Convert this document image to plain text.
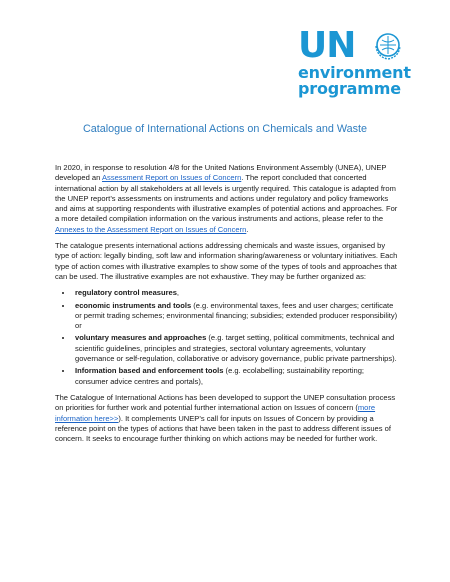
UN
environment
programme
Catalogue of International Actions on Chemicals and Waste

In 2020, in response to resolution 4/8 for the United Nations Environment Assembly (UNEA), UNEP developed an Assessment Report on Issues of Concern. The report concluded that concerted international action by all stakeholders at all levels is urgently required. This catalogue is adapted from the UNEP report’s assessments on instruments and actions under regulatory and policy frameworks and aims at supporting respondents with illustrative examples of potential actions and approaches. For a more detailed compilation information on the various instruments and actions, please refer to the Annexes to the Assessment Report on Issues of Concern.

The catalogue presents international actions addressing chemicals and waste issues, organised by type of action: legally binding, soft law and information sharing/awareness or voluntary initiatives. Each type of action comes with illustrative examples to show some of the types of tools and approaches that can be used. The illustrative examples are not exhaustive. They may be further organized as:

• regulatory control measures,
• economic instruments and tools (e.g. environmental taxes, fees and user charges; certificate or permit trading schemes; environmental financing; subsidies; extended producer responsibility) or
• voluntary measures and approaches (e.g. target setting, political commitments, technical and scientific guidelines, principles and strategies, sectoral voluntary agreements, voluntary governance or self-regulation, collaborative or advisory governance, public private partnerships).
• Information based and enforcement tools (e.g. ecolabelling; sustainability reporting; consumer advice centres and portals),

The Catalogue of International Actions has been developed to support the UNEP consultation process on priorities for further work and potential further international action on Issues of concern (more information here>>). It complements UNEP’s call for inputs on Issues of Concern by providing a reference point on the types of actions that have been taken in the past to address different issues of concern. It seeks to encourage further thinking on which actions may be needed for further work.
